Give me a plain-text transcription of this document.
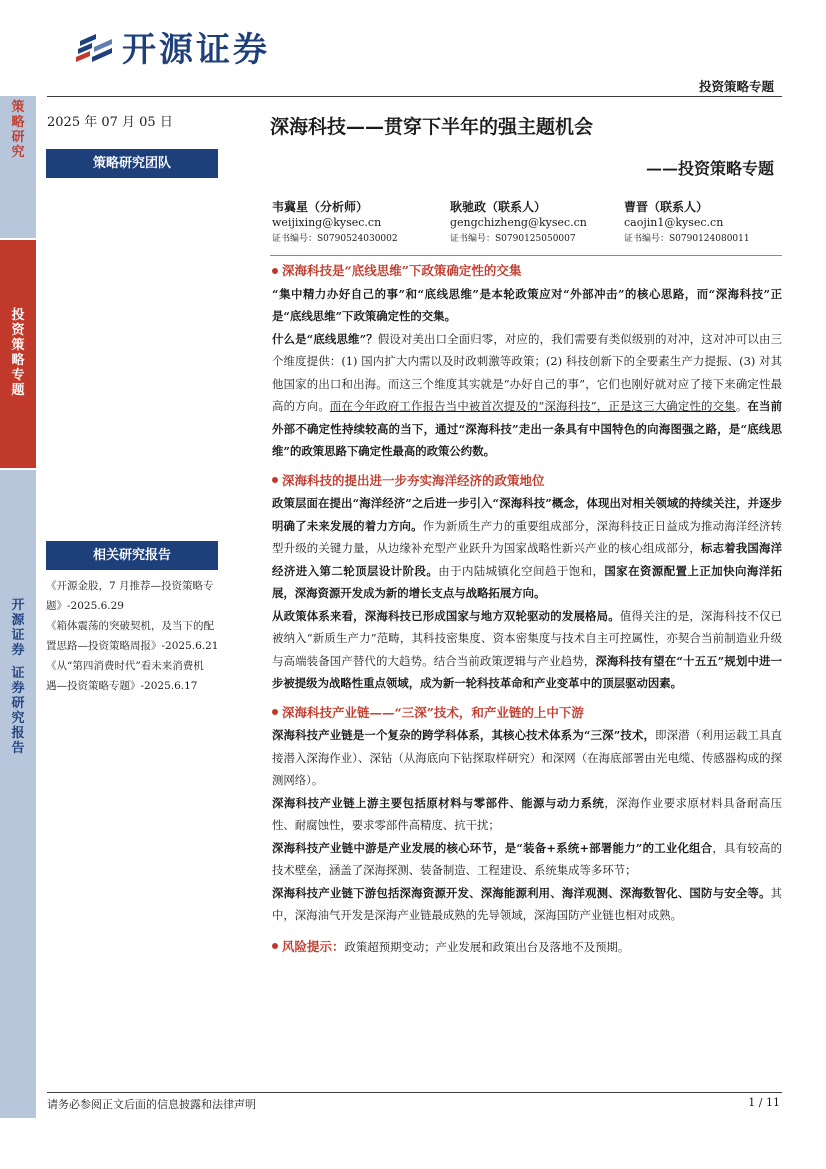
开源证券
投资策略专题
策
略
研
究
投
资
策
略
专
题
开
源
证
券
证
券
研
究
报
告
2025 年 07 月 05 日
策略研究团队
相关研究报告
《开源金股，7 月推荐—投资策略专
题》-2025.6.29
《箱体震荡的突破契机，及当下的配
置思路—投资策略周报》-2025.6.21
《从“第四消费时代”看未来消费机
遇—投资策略专题》-2025.6.17
深海科技——贯穿下半年的强主题机会
——投资策略专题
韦冀星（分析师）
weijixing@kysec.cn
证书编号：S0790524030002
耿驰政（联系人）
gengchizheng@kysec.cn
证书编号：S0790125050007
曹晋（联系人）
caojin1@kysec.cn
证书编号：S0790124080011
深海科技是“底线思维”下政策确定性的交集
“集中精力办好自己的事”和“底线思维”是本轮政策应对“外部冲击”的核心思路，而“深海科技”正是“底线思维”下政策确定性的交集。
什么是“底线思维”？假设对美出口全面归零，对应的，我们需要有类似级别的对冲，这对冲可以由三个维度提供：(1) 国内扩大内需以及时政刺激等政策；(2) 科技创新下的全要素生产力提振、(3) 对其他国家的出口和出海。而这三个维度其实就是“办好自己的事”，它们也刚好就对应了接下来确定性最高的方向。而在今年政府工作报告当中被首次提及的“深海科技”，正是这三大确定性的交集。在当前外部不确定性持续较高的当下，通过“深海科技”走出一条具有中国特色的向海图强之路，是“底线思维”的政策思路下确定性最高的政策公约数。
深海科技的提出进一步夯实海洋经济的政策地位
政策层面在提出“海洋经济”之后进一步引入“深海科技”概念，体现出对相关领域的持续关注，并逐步明确了未来发展的着力方向。作为新质生产力的重要组成部分，深海科技正日益成为推动海洋经济转型升级的关键力量，从边缘补充型产业跃升为国家战略性新兴产业的核心组成部分，标志着我国海洋经济进入第二轮顶层设计阶段。由于内陆城镇化空间趋于饱和，国家在资源配置上正加快向海洋拓展，深海资源开发成为新的增长支点与战略拓展方向。
从政策体系来看，深海科技已形成国家与地方双轮驱动的发展格局。值得关注的是，深海科技不仅已被纳入“新质生产力”范畴，其科技密集度、资本密集度与技术自主可控属性，亦契合当前制造业升级与高端装备国产替代的大趋势。结合当前政策逻辑与产业趋势，深海科技有望在“十五五”规划中进一步被提级为战略性重点领域，成为新一轮科技革命和产业变革中的顶层驱动因素。
深海科技产业链——“三深”技术，和产业链的上中下游
深海科技产业链是一个复杂的跨学科体系，其核心技术体系为“三深”技术，即深潜（利用运载工具直接潜入深海作业）、深钻（从海底向下钻探取样研究）和深网（在海底部署由光电缆、传感器构成的探测网络）。
深海科技产业链上游主要包括原材料与零部件、能源与动力系统，深海作业要求原材料具备耐高压性、耐腐蚀性，要求零部件高精度、抗干扰；
深海科技产业链中游是产业发展的核心环节，是“装备+系统+部署能力”的工业化组合，具有较高的技术壁垒，涵盖了深海探测、装备制造、工程建设、系统集成等多环节；
深海科技产业链下游包括深海资源开发、深海能源利用、海洋观测、深海数智化、国防与安全等。其中，深海油气开发是深海产业链最成熟的先导领域，深海国防产业链也相对成熟。
风险提示：政策超预期变动；产业发展和政策出台及落地不及预期。
请务必参阅正文后面的信息披露和法律声明	1 / 11
